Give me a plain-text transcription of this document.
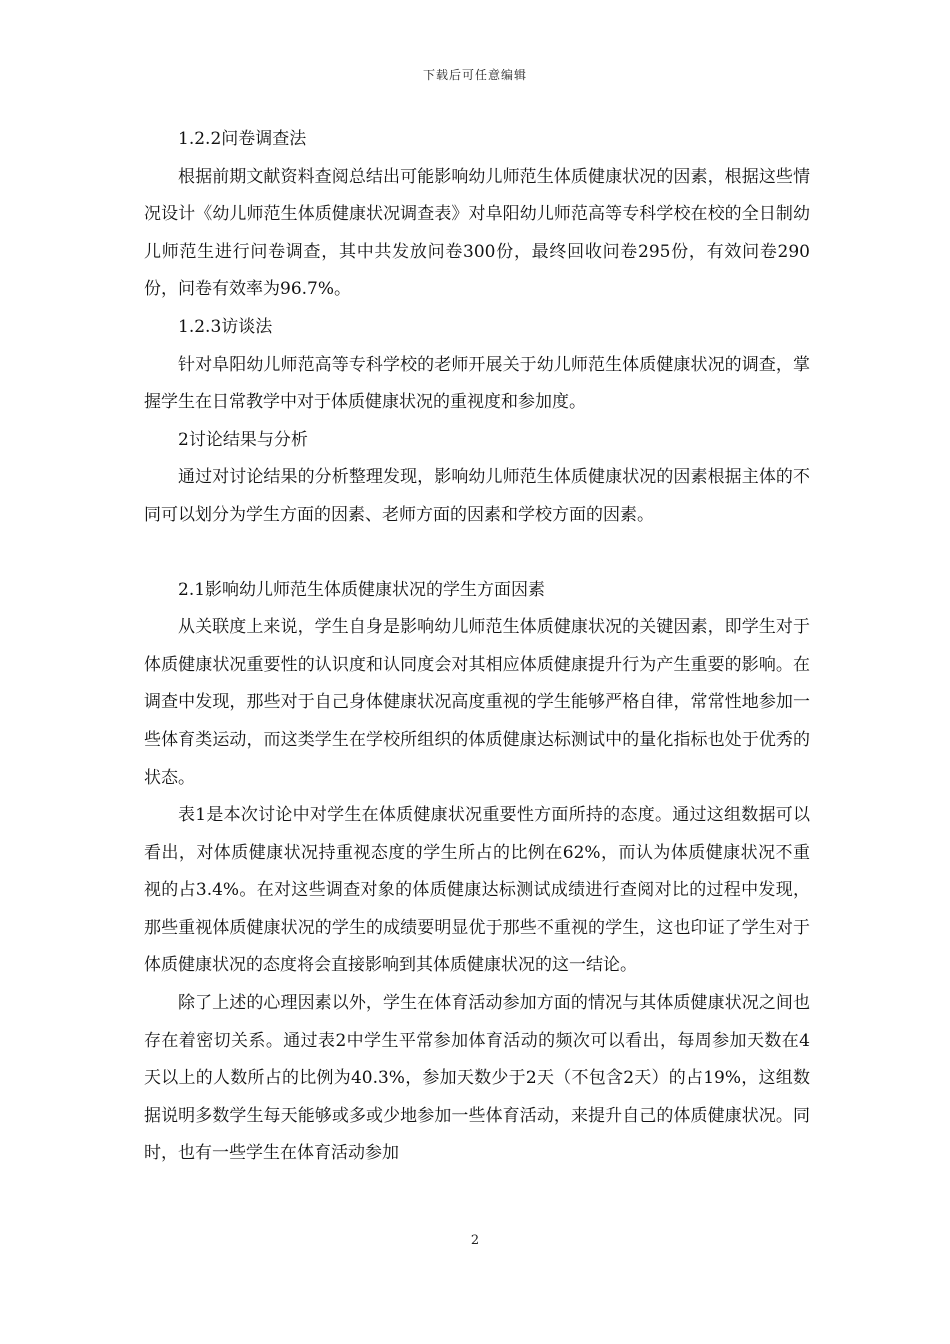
下载后可任意编辑

1.2.2问卷调查法

根据前期文献资料查阅总结出可能影响幼儿师范生体质健康状况的因素，根据这些情况设计《幼儿师范生体质健康状况调查表》对阜阳幼儿师范高等专科学校在校的全日制幼儿师范生进行问卷调查，其中共发放问卷300份，最终回收问卷295份，有效问卷290份，问卷有效率为96.7%。

1.2.3访谈法

针对阜阳幼儿师范高等专科学校的老师开展关于幼儿师范生体质健康状况的调查，掌握学生在日常教学中对于体质健康状况的重视度和参加度。

2讨论结果与分析

通过对讨论结果的分析整理发现，影响幼儿师范生体质健康状况的因素根据主体的不同可以划分为学生方面的因素、老师方面的因素和学校方面的因素。

2.1影响幼儿师范生体质健康状况的学生方面因素

从关联度上来说，学生自身是影响幼儿师范生体质健康状况的关键因素，即学生对于体质健康状况重要性的认识度和认同度会对其相应体质健康提升行为产生重要的影响。在调查中发现，那些对于自己身体健康状况高度重视的学生能够严格自律，常常性地参加一些体育类运动，而这类学生在学校所组织的体质健康达标测试中的量化指标也处于优秀的状态。

表1是本次讨论中对学生在体质健康状况重要性方面所持的态度。通过这组数据可以看出，对体质健康状况持重视态度的学生所占的比例在62%，而认为体质健康状况不重视的占3.4%。在对这些调查对象的体质健康达标测试成绩进行查阅对比的过程中发现，那些重视体质健康状况的学生的成绩要明显优于那些不重视的学生，这也印证了学生对于体质健康状况的态度将会直接影响到其体质健康状况的这一结论。

除了上述的心理因素以外，学生在体育活动参加方面的情况与其体质健康状况之间也存在着密切关系。通过表2中学生平常参加体育活动的频次可以看出，每周参加天数在4天以上的人数所占的比例为40.3%，参加天数少于2天（不包含2天）的占19%，这组数据说明多数学生每天能够或多或少地参加一些体育活动，来提升自己的体质健康状况。同时，也有一些学生在体育活动参加

2
